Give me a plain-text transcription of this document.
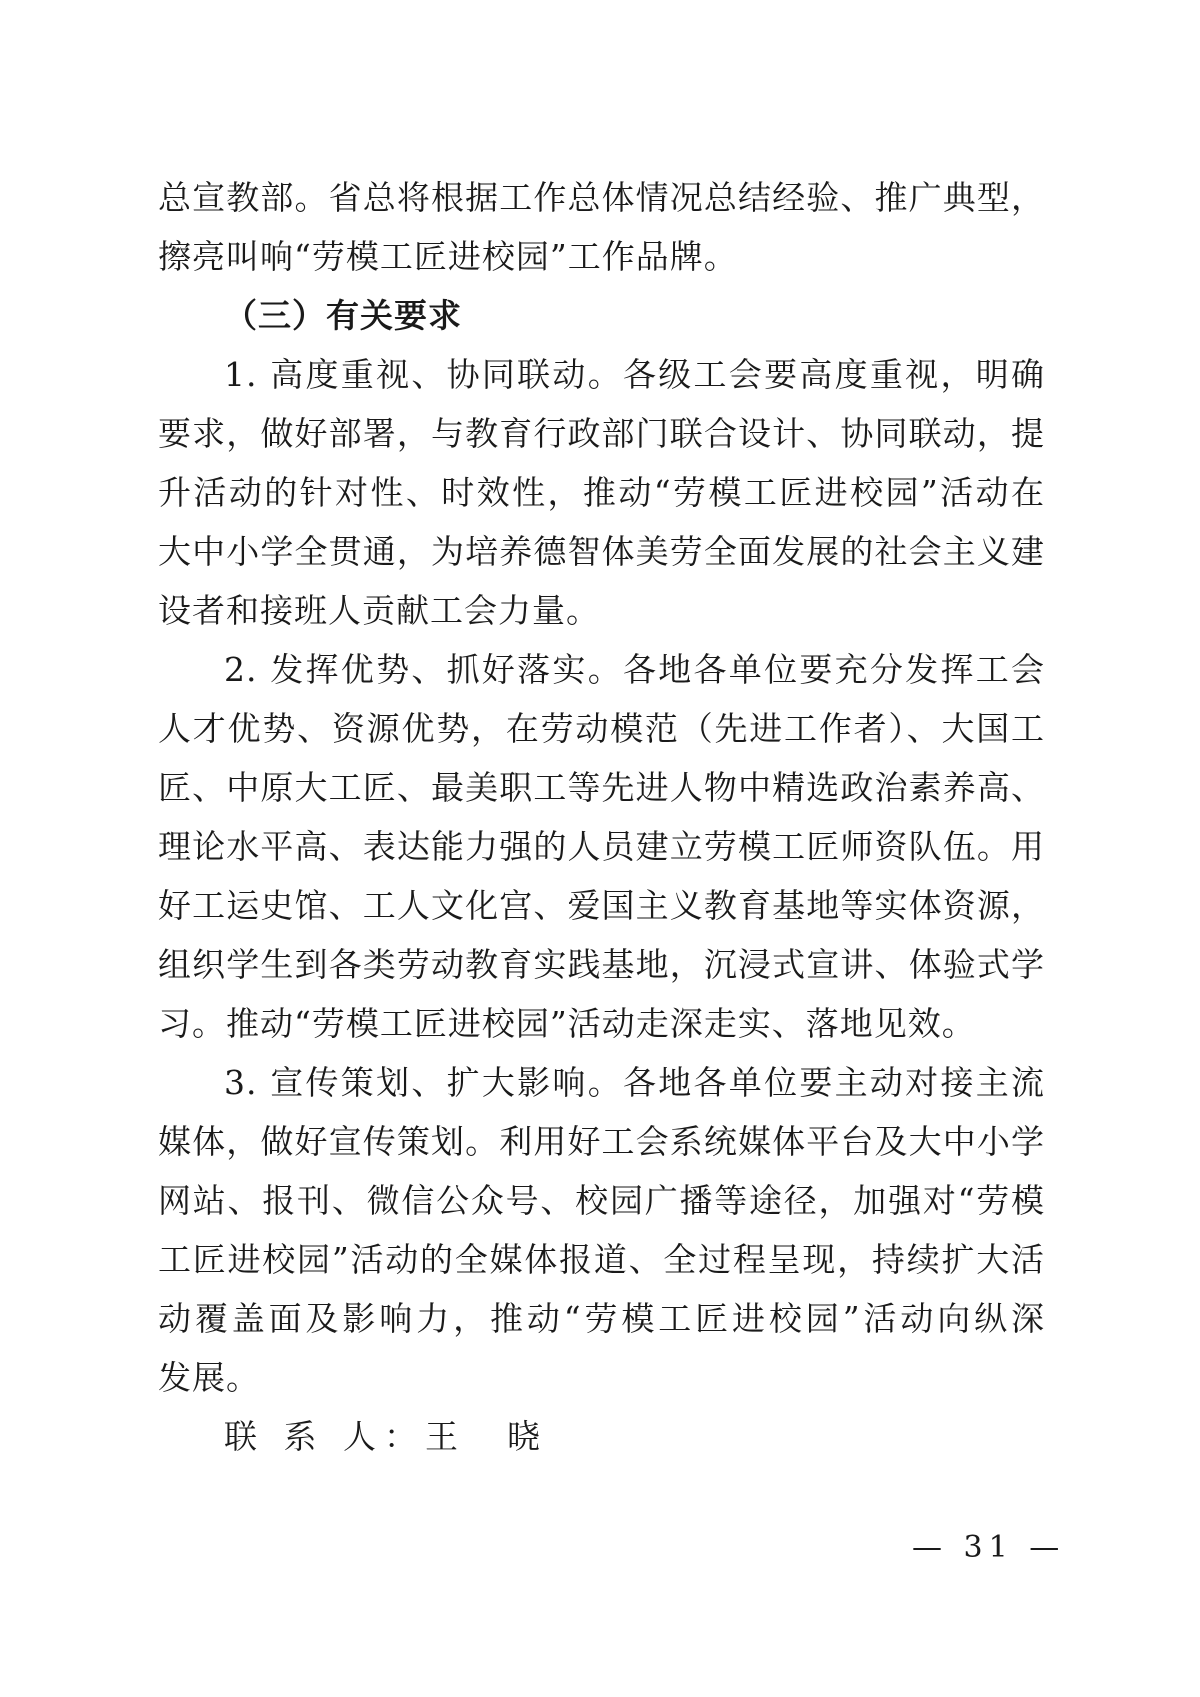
总宣教部。省总将根据工作总体情况总结经验、推广典型，
擦亮叫响“劳模工匠进校园”工作品牌。
（三）有关要求
1. 高度重视、协同联动。各级工会要高度重视，明确
要求，做好部署，与教育行政部门联合设计、协同联动，提
升活动的针对性、时效性，推动“劳模工匠进校园”活动在
大中小学全贯通，为培养德智体美劳全面发展的社会主义建
设者和接班人贡献工会力量。
2. 发挥优势、抓好落实。各地各单位要充分发挥工会
人才优势、资源优势，在劳动模范（先进工作者）、大国工
匠、中原大工匠、最美职工等先进人物中精选政治素养高、
理论水平高、表达能力强的人员建立劳模工匠师资队伍。用
好工运史馆、工人文化宫、爱国主义教育基地等实体资源，
组织学生到各类劳动教育实践基地，沉浸式宣讲、体验式学
习。推动“劳模工匠进校园”活动走深走实、落地见效。
3. 宣传策划、扩大影响。各地各单位要主动对接主流
媒体，做好宣传策划。利用好工会系统媒体平台及大中小学
网站、报刊、微信公众号、校园广播等途径，加强对“劳模
工匠进校园”活动的全媒体报道、全过程呈现，持续扩大活
动覆盖面及影响力，推动“劳模工匠进校园”活动向纵深
发展。
联 系 人：王　晓
— 31 —
